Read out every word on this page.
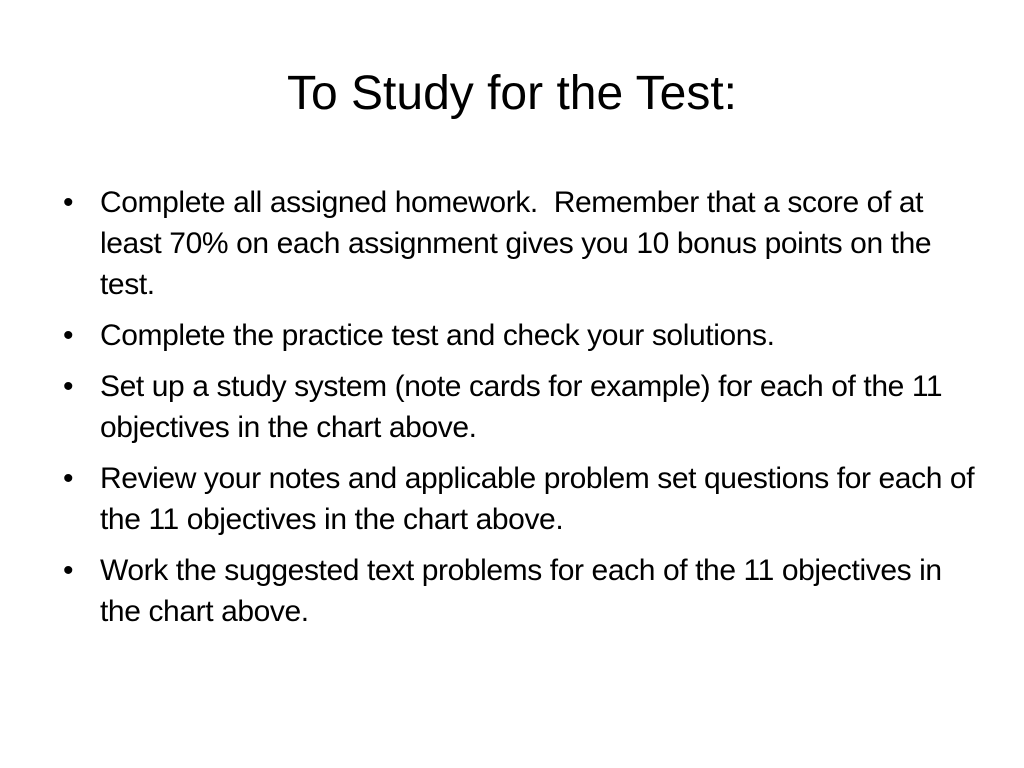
To Study for the Test:
• Complete all assigned homework.  Remember that a score of at least 70% on each assignment gives you 10 bonus points on the test.
• Complete the practice test and check your solutions.
• Set up a study system (note cards for example) for each of the 11 objectives in the chart above.
• Review your notes and applicable problem set questions for each of the 11 objectives in the chart above.
• Work the suggested text problems for each of the 11 objectives in the chart above.
